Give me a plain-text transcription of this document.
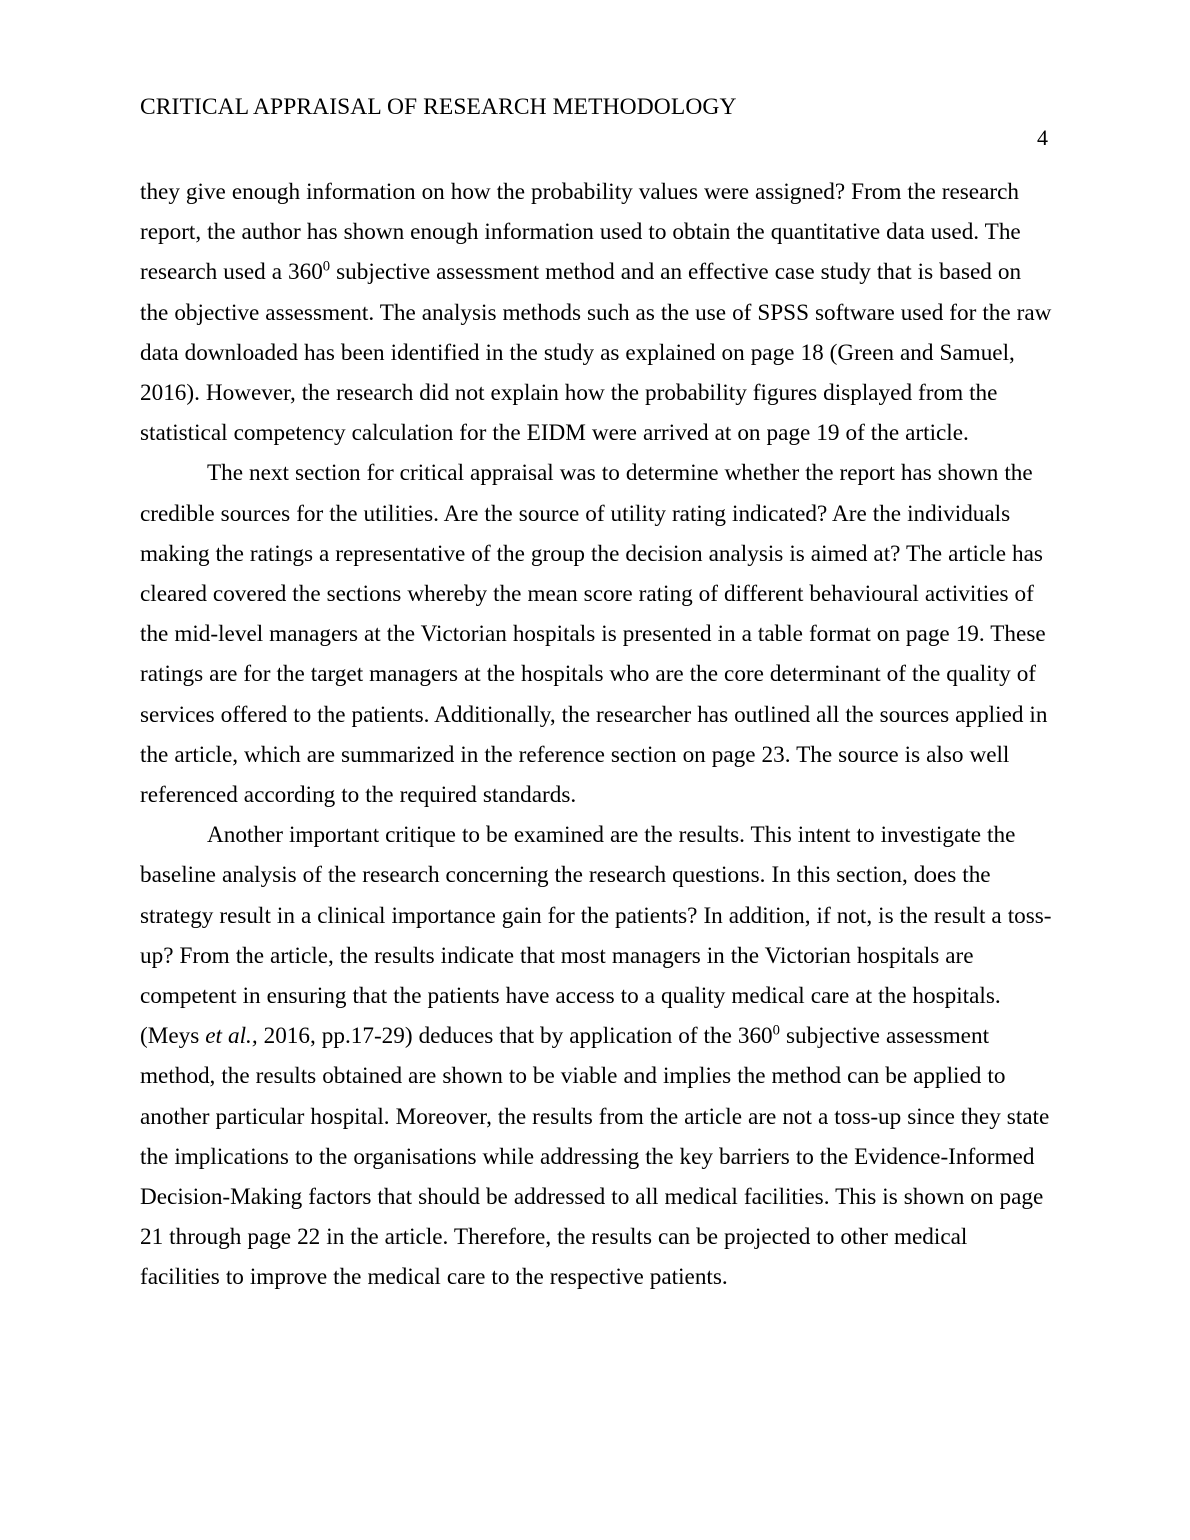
CRITICAL APPRAISAL OF RESEARCH METHODOLOGY
4

they give enough information on how the probability values were assigned? From the research report, the author has shown enough information used to obtain the quantitative data used. The research used a $360^0$ subjective assessment method and an effective case study that is based on the objective assessment. The analysis methods such as the use of SPSS software used for the raw data downloaded has been identified in the study as explained on page 18 (Green and Samuel, 2016). However, the research did not explain how the probability figures displayed from the statistical competency calculation for the EIDM were arrived at on page 19 of the article.

The next section for critical appraisal was to determine whether the report has shown the credible sources for the utilities. Are the source of utility rating indicated? Are the individuals making the ratings a representative of the group the decision analysis is aimed at? The article has cleared covered the sections whereby the mean score rating of different behavioural activities of the mid-level managers at the Victorian hospitals is presented in a table format on page 19. These ratings are for the target managers at the hospitals who are the core determinant of the quality of services offered to the patients. Additionally, the researcher has outlined all the sources applied in the article, which are summarized in the reference section on page 23. The source is also well referenced according to the required standards.

Another important critique to be examined are the results. This intent to investigate the baseline analysis of the research concerning the research questions. In this section, does the strategy result in a clinical importance gain for the patients? In addition, if not, is the result a toss-up? From the article, the results indicate that most managers in the Victorian hospitals are competent in ensuring that the patients have access to a quality medical care at the hospitals. (Meys et al., 2016, pp.17-29) deduces that by application of the $360^0$ subjective assessment method, the results obtained are shown to be viable and implies the method can be applied to another particular hospital. Moreover, the results from the article are not a toss-up since they state the implications to the organisations while addressing the key barriers to the Evidence-Informed Decision-Making factors that should be addressed to all medical facilities. This is shown on page 21 through page 22 in the article. Therefore, the results can be projected to other medical facilities to improve the medical care to the respective patients.
